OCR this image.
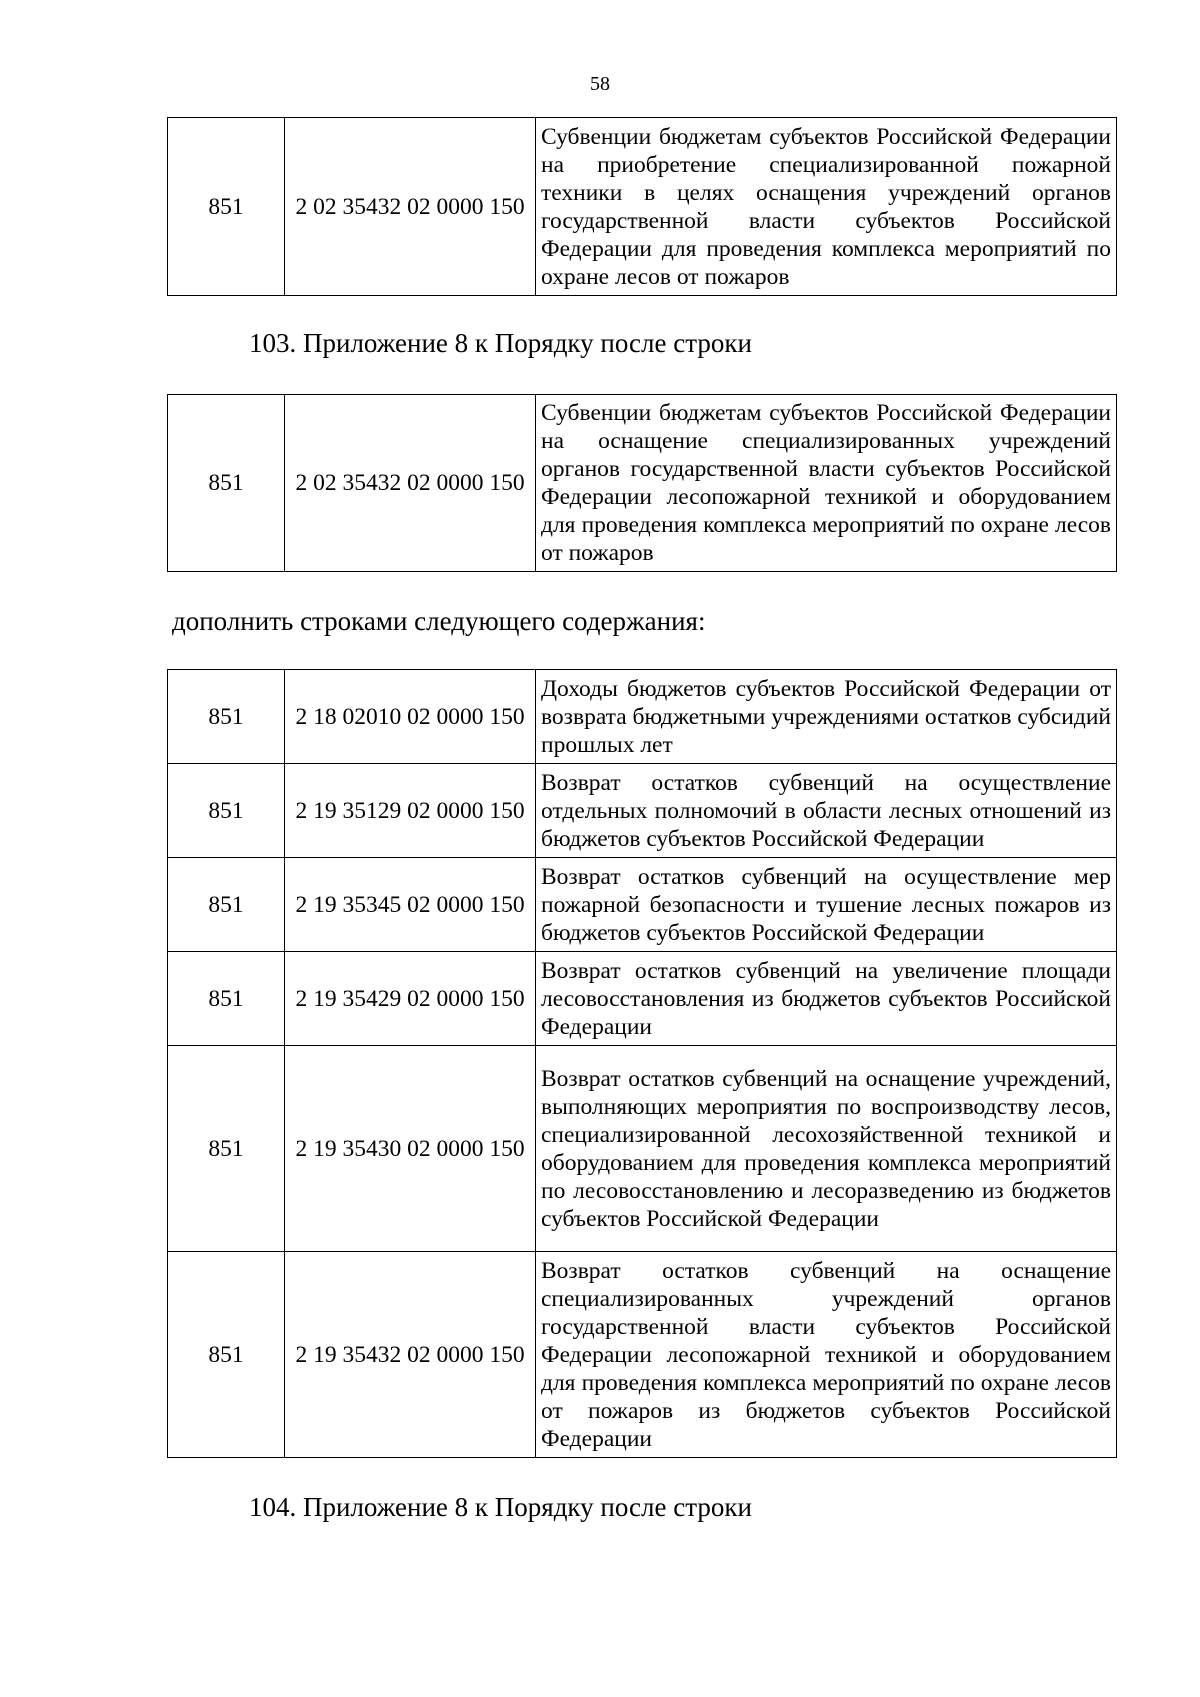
58
851	2 02 35432 02 0000 150	Субвенции бюджетам субъектов Российской Федерации на приобретение специализированной пожарной техники в целях оснащения учреждений органов государственной власти субъектов Российской Федерации для проведения комплекса мероприятий по охране лесов от пожаров
103. Приложение 8 к Порядку после строки
851	2 02 35432 02 0000 150	Субвенции бюджетам субъектов Российской Федерации на оснащение специализированных учреждений органов государственной власти субъектов Российской Федерации лесопожарной техникой и оборудованием для проведения комплекса мероприятий по охране лесов от пожаров
дополнить строками следующего содержания:
851	2 18 02010 02 0000 150	Доходы бюджетов субъектов Российской Федерации от возврата бюджетными учреждениями остатков субсидий прошлых лет
851	2 19 35129 02 0000 150	Возврат остатков субвенций на осуществление отдельных полномочий в области лесных отношений из бюджетов субъектов Российской Федерации
851	2 19 35345 02 0000 150	Возврат остатков субвенций на осуществление мер пожарной безопасности и тушение лесных пожаров из бюджетов субъектов Российской Федерации
851	2 19 35429 02 0000 150	Возврат остатков субвенций на увеличение площади лесовосстановления из бюджетов субъектов Российской Федерации
851	2 19 35430 02 0000 150	Возврат остатков субвенций на оснащение учреждений, выполняющих мероприятия по воспроизводству лесов, специализированной лесохозяйственной техникой и оборудованием для проведения комплекса мероприятий по лесовосстановлению и лесоразведению из бюджетов субъектов Российской Федерации
851	2 19 35432 02 0000 150	Возврат остатков субвенций на оснащение специализированных учреждений органов государственной власти субъектов Российской Федерации лесопожарной техникой и оборудованием для проведения комплекса мероприятий по охране лесов от пожаров из бюджетов субъектов Российской Федерации
104. Приложение 8 к Порядку после строки
